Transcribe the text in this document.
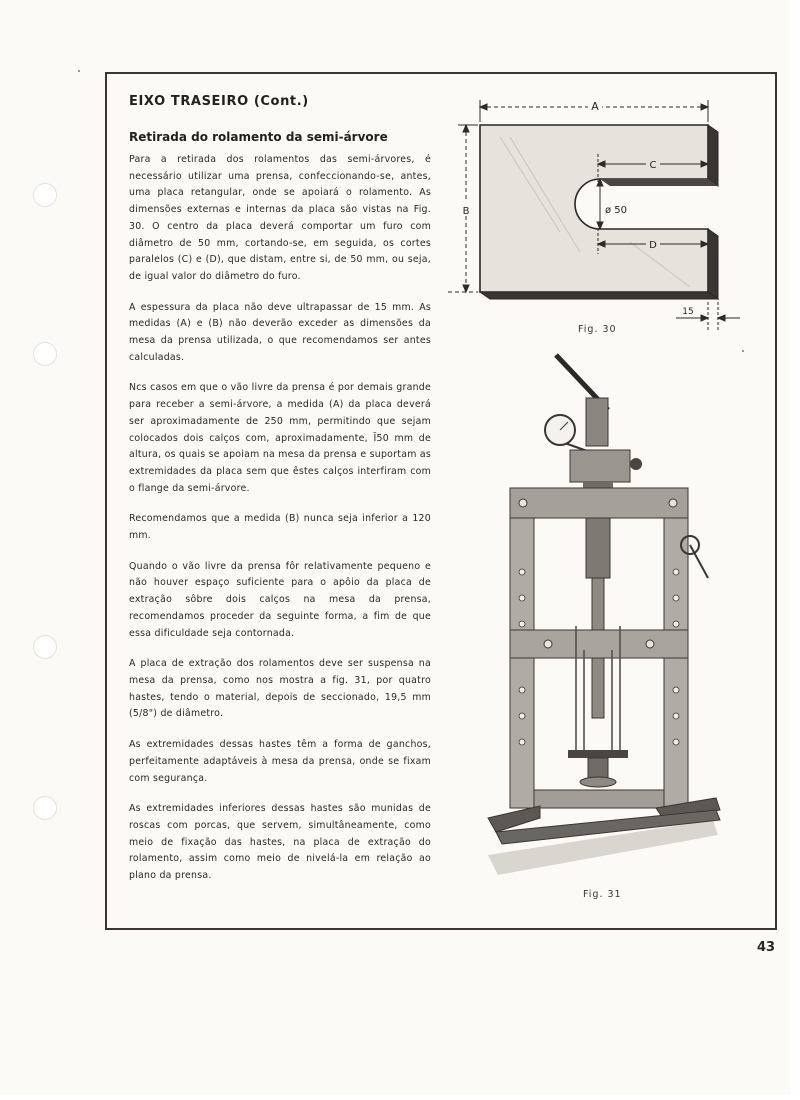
EIXO TRASEIRO (Cont.)
Retirada do rolamento da semi-árvore

Para a retirada dos rolamentos das semi-árvores, é necessário utilizar uma prensa, confeccionando-se, antes, uma placa retangular, onde se apoiará o rolamento. As dimensões externas e internas da placa são vistas na Fig. 30. O centro da placa deverá comportar um furo com diâmetro de 50 mm, cortando-se, em seguida, os cortes paralelos (C) e (D), que distam, entre si, de 50 mm, ou seja, de igual valor do diâmetro do furo.

A espessura da placa não deve ultrapassar de 15 mm. As medidas (A) e (B) não deverão exceder as dimensões da mesa da prensa utilizada, o que recomendamos ser antes calculadas.

Ncs casos em que o vão livre da prensa é por demais grande para receber a semi-árvore, a medida (A) da placa deverá ser aproximadamente de 250 mm, permitindo que sejam colocados dois calços com, aproximadamente, Ĭ50 mm de altura, os quais se apoiam na mesa da prensa e suportam as extremidades da placa sem que êstes calços interfiram com o flange da semi-árvore.

Recomendamos que a medida (B) nunca seja inferior a 120 mm.

Quando o vão livre da prensa fôr relativamente pequeno e não houver espaço suficiente para o apôio da placa de extração sôbre dois calços na mesa da prensa, recomendamos proceder da seguinte forma, a fim de que essa dificuldade seja contornada.

A placa de extração dos rolamentos deve ser suspensa na mesa da prensa, como nos mostra a fig. 31, por quatro hastes, tendo o material, depois de seccionado, 19,5 mm (5/8") de diâmetro.

As extremidades dessas hastes têm a forma de ganchos, perfeitamente adaptáveis à mesa da prensa, onde se fixam com segurança.

As extremidades inferiores dessas hastes são munidas de roscas com porcas, que servem, simultâneamente, como meio de fixação das hastes, na placa de extração do rolamento, assim como meio de nivelá-la em relação ao plano da prensa.

A
B
C
D
ø 50
15
Fig. 30
Fig. 31
43
